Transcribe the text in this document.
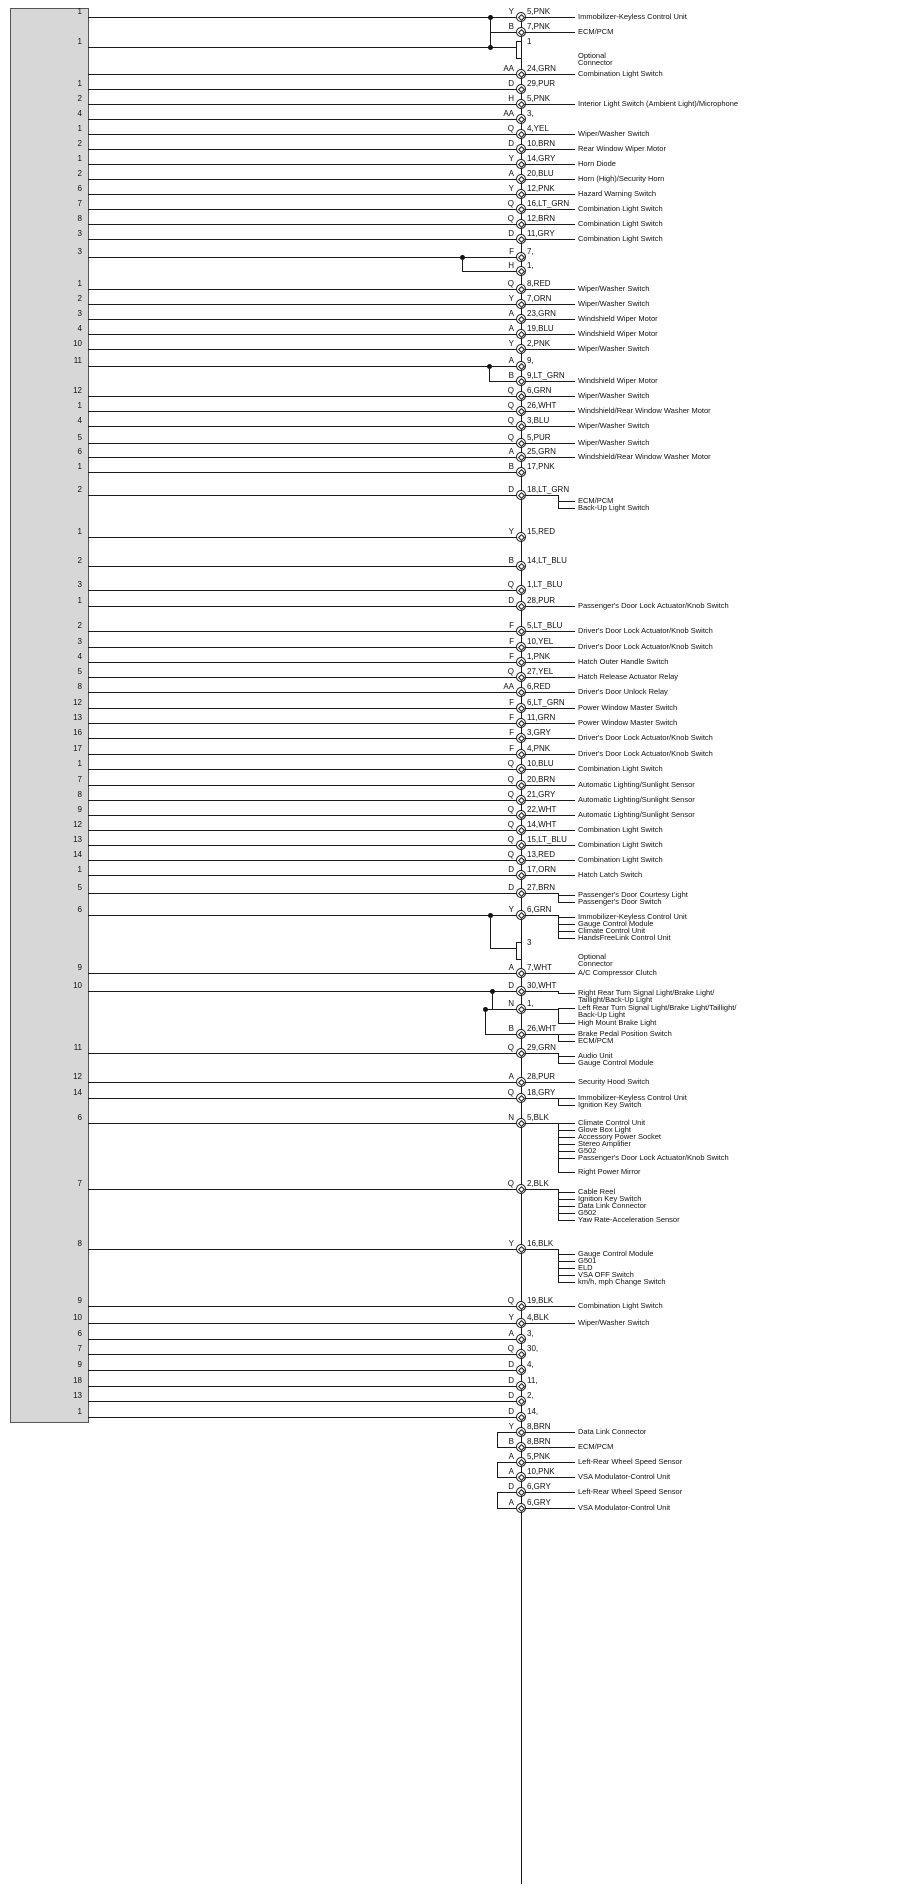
1	Y 5,PNK
Immobilizer-Keyless Control Unit
B 7,PNK
ECM/PCM
1	1
Optional
Connector
AA 24,GRN
Combination Light Switch
1	D 29,PUR
2	H 5,PNK
Interior Light Switch (Ambient Light)/Microphone
4	AA 3,
1	Q 4,YEL
Wiper/Washer Switch
2	D 10,BRN
Rear Window Wiper Motor
1	Y 14,GRY
Horn Diode
2	A 20,BLU
Horn (High)/Security Horn
6	Y 12,PNK
Hazard Warning Switch
7	Q 16,LT_GRN
Combination Light Switch
8	Q 12,BRN
Combination Light Switch
3	D 11,GRY
Combination Light Switch
3	F 7,
H 1,
1	Q 8,RED
Wiper/Washer Switch
2	Y 7,ORN
Wiper/Washer Switch
3	A 23,GRN
Windshield Wiper Motor
4	A 19,BLU
Windshield Wiper Motor
10	Y 2,PNK
Wiper/Washer Switch
11	A 9,
B 9,LT_GRN
Windshield Wiper Motor
12	Q 6,GRN
Wiper/Washer Switch
1	Q 26,WHT
Windshield/Rear Window Washer Motor
4	Q 3,BLU
Wiper/Washer Switch
5	Q 5,PUR
Wiper/Washer Switch
6	A 25,GRN
Windshield/Rear Window Washer Motor
1	B 17,PNK
2	D 18,LT_GRN
ECM/PCM
Back-Up Light Switch
1	Y 15,RED
2	B 14,LT_BLU
3	Q 1,LT_BLU
1	D 28,PUR
Passenger's Door Lock Actuator/Knob Switch
2	F 5,LT_BLU
Driver's Door Lock Actuator/Knob Switch
3	F 10,YEL
Driver's Door Lock Actuator/Knob Switch
4	F 1,PNK
Hatch Outer Handle Switch
5	Q 27,YEL
Hatch Release Actuator Relay
8	AA 6,RED
Driver's Door Unlock Relay
12	F 6,LT_GRN
Power Window Master Switch
13	F 11,GRN
Power Window Master Switch
16	F 3,GRY
Driver's Door Lock Actuator/Knob Switch
17	F 4,PNK
Driver's Door Lock Actuator/Knob Switch
1	Q 10,BLU
Combination Light Switch
7	Q 20,BRN
Automatic Lighting/Sunlight Sensor
8	Q 21,GRY
Automatic Lighting/Sunlight Sensor
9	Q 22,WHT
Automatic Lighting/Sunlight Sensor
12	Q 14,WHT
Combination Light Switch
13	Q 15,LT_BLU
Combination Light Switch
14	Q 13,RED
Combination Light Switch
1	D 17,ORN
Hatch Latch Switch
5	D 27,BRN
Passenger's Door Courtesy Light
Passenger's Door Switch
6	Y 6,GRN
Immobilizer-Keyless Control Unit
Gauge Control Module
Climate Control Unit
HandsFreeLink Control Unit
3
Optional
Connector
9	A 7,WHT
A/C Compressor Clutch
10	D 30,WHT
Right Rear Turn Signal Light/Brake Light/
Taillight/Back-Up Light
N 1,	Left Rear Turn Signal Light/Brake Light/Taillight/
Back-Up Light
High Mount Brake Light
B 26,WHT
Brake Pedal Position Switch
ECM/PCM
11	Q 29,GRN
Audio Unit
Gauge Control Module
12	A 28,PUR
Security Hood Switch
14	Q 18,GRY
Immobilizer-Keyless Control Unit
Ignition Key Switch
6	N 5,BLK
Climate Control Unit
Glove Box Light
Accessory Power Socket
Stereo Amplifier
G502
Passenger's Door Lock Actuator/Knob Switch
Right Power Mirror
7	Q 2,BLK
Cable Reel
Ignition Key Switch
Data Link Connector
G502
Yaw Rate-Acceleration Sensor
8	Y 16,BLK
Gauge Control Module
G501
ELD
VSA OFF Switch
km/h, mph Change Switch
9	Q 19,BLK
Combination Light Switch
10	Y 4,BLK
Wiper/Washer Switch
6	A 3,
7	Q 30,
9	D 4,
18	D 11,
13	D 2,
1	D 14,
Y 8,BRN
Data Link Connector
B 8,BRN
ECM/PCM
A 5,PNK
Left-Rear Wheel Speed Sensor
A 10,PNK
VSA Modulator-Control Unit
D 6,GRY
Left-Rear Wheel Speed Sensor
A 6,GRY
VSA Modulator-Control Unit
